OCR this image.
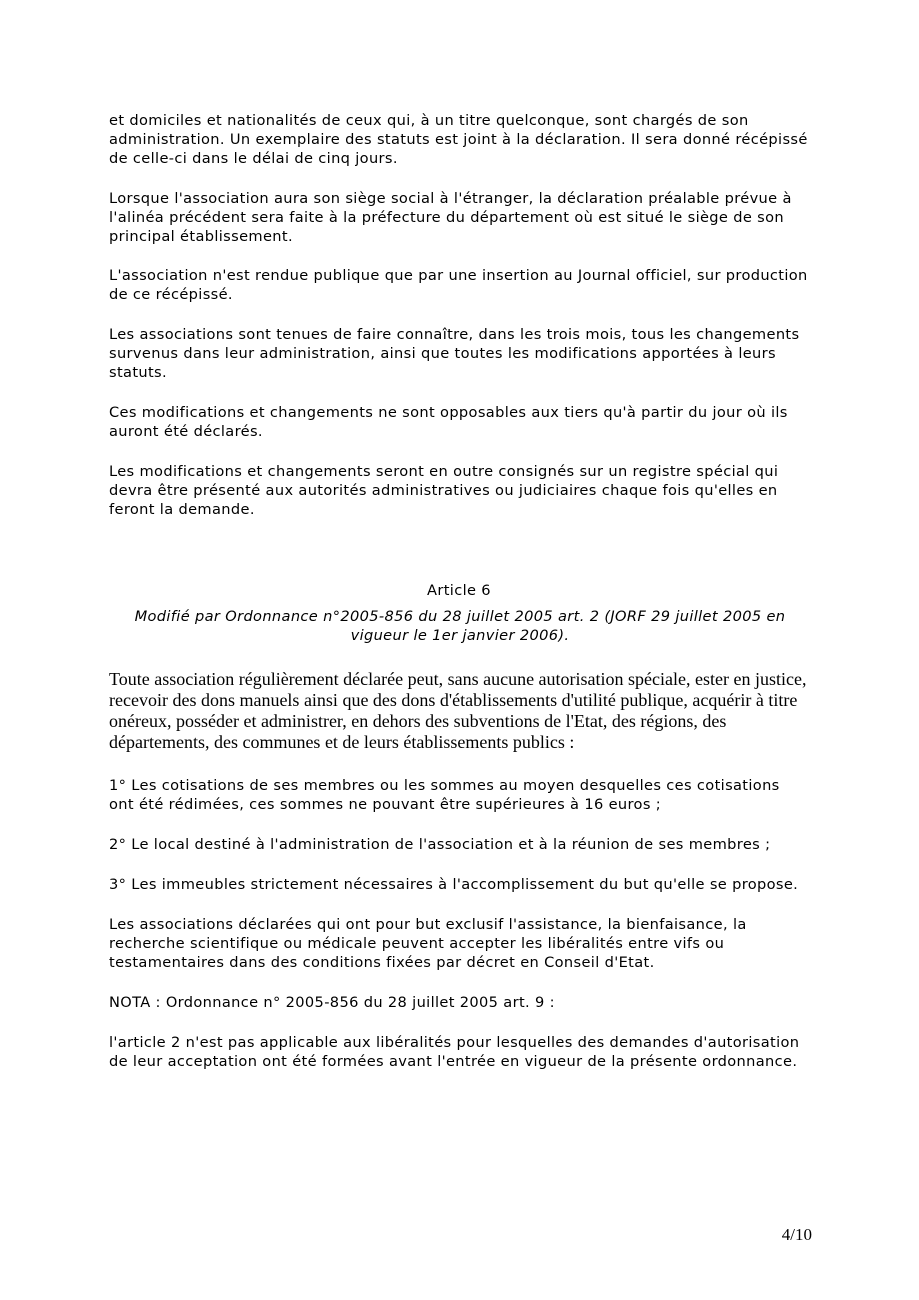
et domiciles et nationalités de ceux qui, à un titre quelconque, sont chargés de son administration. Un exemplaire des statuts est joint à la déclaration. Il sera donné récépissé de celle-ci dans le délai de cinq jours.

Lorsque l'association aura son siège social à l'étranger, la déclaration préalable prévue à l'alinéa précédent sera faite à la préfecture du département où est situé le siège de son principal établissement.

L'association n'est rendue publique que par une insertion au Journal officiel, sur production de ce récépissé.

Les associations sont tenues de faire connaître, dans les trois mois, tous les changements survenus dans leur administration, ainsi que toutes les modifications apportées à leurs statuts.

Ces modifications et changements ne sont opposables aux tiers qu'à partir du jour où ils auront été déclarés.

Les modifications et changements seront en outre consignés sur un registre spécial qui devra être présenté aux autorités administratives ou judiciaires chaque fois qu'elles en feront la demande.

Article 6

Modifié par Ordonnance n°2005-856 du 28 juillet 2005 art. 2 (JORF 29 juillet 2005 en vigueur le 1er janvier 2006).

Toute association régulièrement déclarée peut, sans aucune autorisation spéciale, ester en justice, recevoir des dons manuels ainsi que des dons d'établissements d'utilité publique, acquérir à titre onéreux, posséder et administrer, en dehors des subventions de l'Etat, des régions, des départements, des communes et de leurs établissements publics :

1° Les cotisations de ses membres ou les sommes au moyen desquelles ces cotisations ont été rédimées, ces sommes ne pouvant être supérieures à 16 euros ;

2° Le local destiné à l'administration de l'association et à la réunion de ses membres ;

3° Les immeubles strictement nécessaires à l'accomplissement du but qu'elle se propose.

Les associations déclarées qui ont pour but exclusif l'assistance, la bienfaisance, la recherche scientifique ou médicale peuvent accepter les libéralités entre vifs ou testamentaires dans des conditions fixées par décret en Conseil d'Etat.

NOTA : Ordonnance n° 2005-856 du 28 juillet 2005 art. 9 :

l'article 2 n'est pas applicable aux libéralités pour lesquelles des demandes d'autorisation de leur acceptation ont été formées avant l'entrée en vigueur de la présente ordonnance.

4/10
